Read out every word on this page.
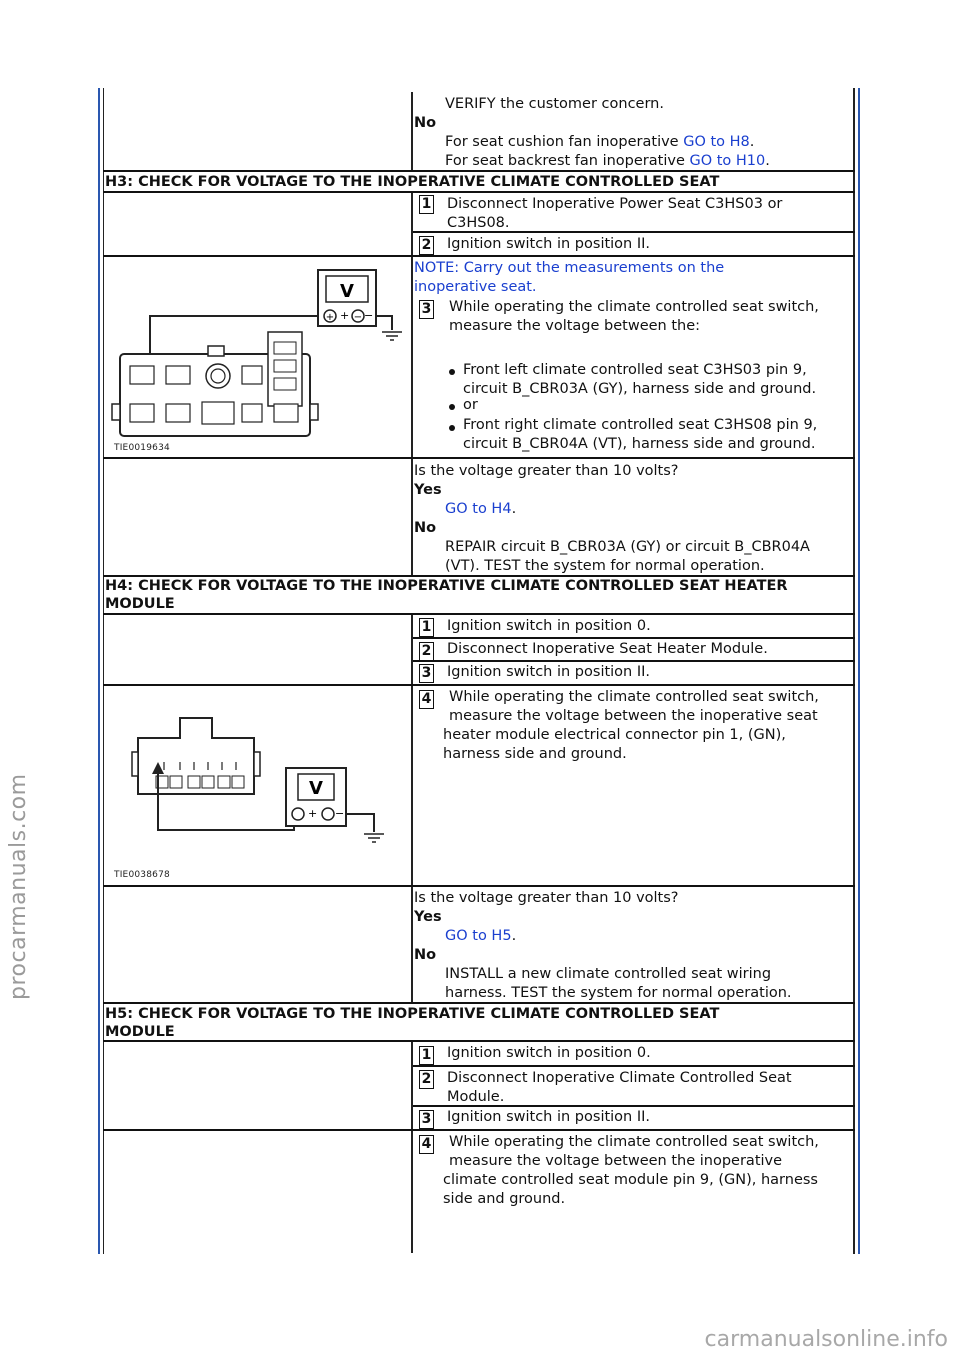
VERIFY the customer concern.
No
For seat cushion fan inoperative GO to H8.
For seat backrest fan inoperative GO to H10.
H3: CHECK FOR VOLTAGE TO THE INOPERATIVE CLIMATE CONTROLLED SEAT
1 Disconnect Inoperative Power Seat C3HS03 or
C3HS08.
2 Ignition switch in position II.
NOTE: Carry out the measurements on the
inoperative seat.
3 While operating the climate controlled seat switch,
measure the voltage between the:
Front left climate controlled seat C3HS03 pin 9,
circuit B_CBR03A (GY), harness side and ground.
or
Front right climate controlled seat C3HS08 pin 9,
circuit B_CBR04A (VT), harness side and ground.
V
+ −
+ −
TIE0019634
Is the voltage greater than 10 volts?
Yes
GO to H4.
No
REPAIR circuit B_CBR03A (GY) or circuit B_CBR04A
(VT). TEST the system for normal operation.
H4: CHECK FOR VOLTAGE TO THE INOPERATIVE CLIMATE CONTROLLED SEAT HEATER
MODULE
1 Ignition switch in position 0.
2 Disconnect Inoperative Seat Heater Module.
3 Ignition switch in position II.
4 While operating the climate controlled seat switch,
measure the voltage between the inoperative seat
heater module electrical connector pin 1, (GN),
harness side and ground.
V
+ −
TIE0038678
Is the voltage greater than 10 volts?
Yes
GO to H5.
No
INSTALL a new climate controlled seat wiring
harness. TEST the system for normal operation.
H5: CHECK FOR VOLTAGE TO THE INOPERATIVE CLIMATE CONTROLLED SEAT
MODULE
1 Ignition switch in position 0.
2 Disconnect Inoperative Climate Controlled Seat
Module.
3 Ignition switch in position II.
4 While operating the climate controlled seat switch,
measure the voltage between the inoperative
climate controlled seat module pin 9, (GN), harness
side and ground.
procarmanuals.com
carmanualsonline.info
